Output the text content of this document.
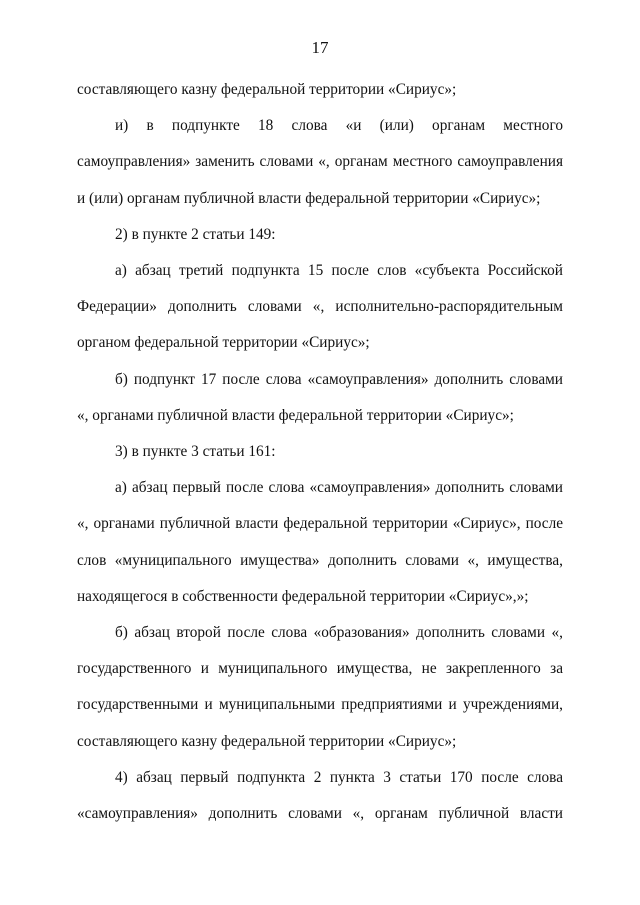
17

составляющего казну федеральной территории «Сириус»;

и) в подпункте 18 слова «и (или) органам местного самоуправления» заменить словами «, органам местного самоуправления и (или) органам публичной власти федеральной территории «Сириус»;

2) в пункте 2 статьи 149:

а) абзац третий подпункта 15 после слов «субъекта Российской Федерации» дополнить словами «, исполнительно-распорядительным органом федеральной территории «Сириус»;

б) подпункт 17 после слова «самоуправления» дополнить словами «, органами публичной власти федеральной территории «Сириус»;

3) в пункте 3 статьи 161:

а) абзац первый после слова «самоуправления» дополнить словами «, органами публичной власти федеральной территории «Сириус», после слов «муниципального имущества» дополнить словами «, имущества, находящегося в собственности федеральной территории «Сириус»,»;

б) абзац второй после слова «образования» дополнить словами «, государственного и муниципального имущества, не закрепленного за государственными и муниципальными предприятиями и учреждениями, составляющего казну федеральной территории «Сириус»;

4) абзац первый подпункта 2 пункта 3 статьи 170 после слова «самоуправления» дополнить словами «, органам публичной власти
